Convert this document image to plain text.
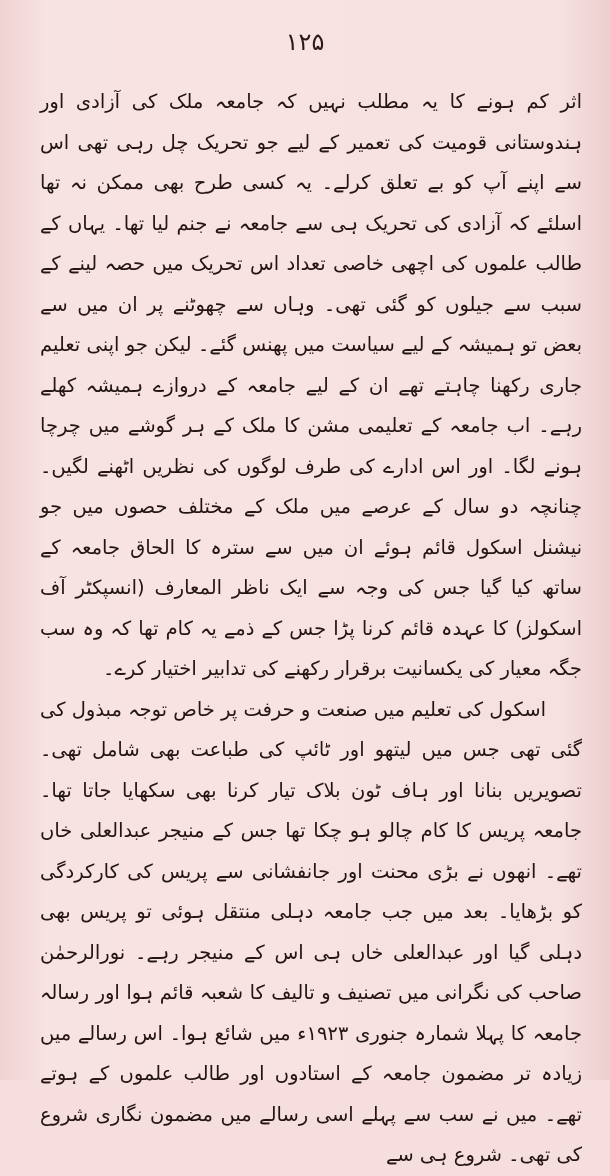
۱۲۵

اثر کم ہونے کا یہ مطلب نہیں کہ جامعہ ملک کی آزادی اور ہندوستانی قومیت کی تعمیر کے لیے جو تحریک چل رہی تھی اس سے اپنے آپ کو بے تعلق کرلے۔ یہ کسی طرح بھی ممکن نہ تھا اسلئے کہ آزادی کی تحریک ہی سے جامعہ نے جنم لیا تھا۔ یہاں کے طالب علموں کی اچھی خاصی تعداد اس تحریک میں حصہ لینے کے سبب سے جیلوں کو گئی تھی۔ وہاں سے چھوٹنے پر ان میں سے بعض تو ہمیشہ کے لیے سیاست میں پھنس گئے۔ لیکن جو اپنی تعلیم جاری رکھنا چاہتے تھے ان کے لیے جامعہ کے دروازے ہمیشہ کھلے رہے۔ اب جامعہ کے تعلیمی مشن کا ملک کے ہر گوشے میں چرچا ہونے لگا۔ اور اس ادارے کی طرف لوگوں کی نظریں اٹھنے لگیں۔ چنانچہ دو سال کے عرصے میں ملک کے مختلف حصوں میں جو نیشنل اسکول قائم ہوئے ان میں سے سترہ کا الحاق جامعہ کے ساتھ کیا گیا جس کی وجہ سے ایک ناظر المعارف (انسپکٹر آف اسکولز) کا عہدہ قائم کرنا پڑا جس کے ذمے یہ کام تھا کہ وہ سب جگہ معیار کی یکسانیت برقرار رکھنے کی تدابیر اختیار کرے۔

اسکول کی تعلیم میں صنعت و حرفت پر خاص توجہ مبذول کی گئی تھی جس میں لیتھو اور ٹائپ کی طباعت بھی شامل تھی۔ تصویریں بنانا اور ہاف ٹون بلاک تیار کرنا بھی سکھایا جاتا تھا۔ جامعہ پریس کا کام چالو ہو چکا تھا جس کے منیجر عبدالعلی خاں تھے۔ انھوں نے بڑی محنت اور جانفشانی سے پریس کی کارکردگی کو بڑھایا۔ بعد میں جب جامعہ دہلی منتقل ہوئی تو پریس بھی دہلی گیا اور عبدالعلی خاں ہی اس کے منیجر رہے۔ نورالرحمٰن صاحب کی نگرانی میں تصنیف و تالیف کا شعبہ قائم ہوا اور رسالہ جامعہ کا پہلا شمارہ جنوری ۱۹۲۳ء میں شائع ہوا۔ اس رسالے میں زیادہ تر مضمون جامعہ کے استادوں اور طالب علموں کے ہوتے تھے۔ میں نے سب سے پہلے اسی رسالے میں مضمون نگاری شروع کی تھی۔ شروع ہی سے
